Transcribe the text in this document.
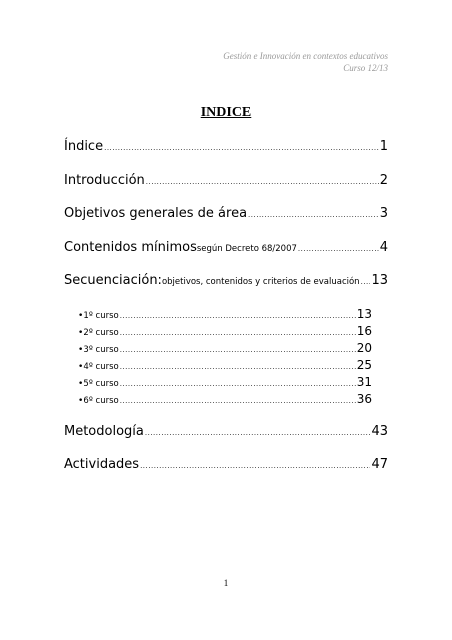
Gestión e Innovación en contextos educativos
Curso 12/13
INDICE
Índice .....	1
Introducción .....	2
Objetivos generales de área .....	3
Contenidos mínimos según Decreto 68/2007 .....	4
Secuenciación: objetivos, contenidos y criterios de evaluación ..... 13
• 1º curso .....	13
• 2º curso .....	16
• 3º curso .....	20
• 4º curso .....	25
• 5º curso .....	31
• 6º curso .....	36
Metodología .....	43
Actividades .....	47
1
